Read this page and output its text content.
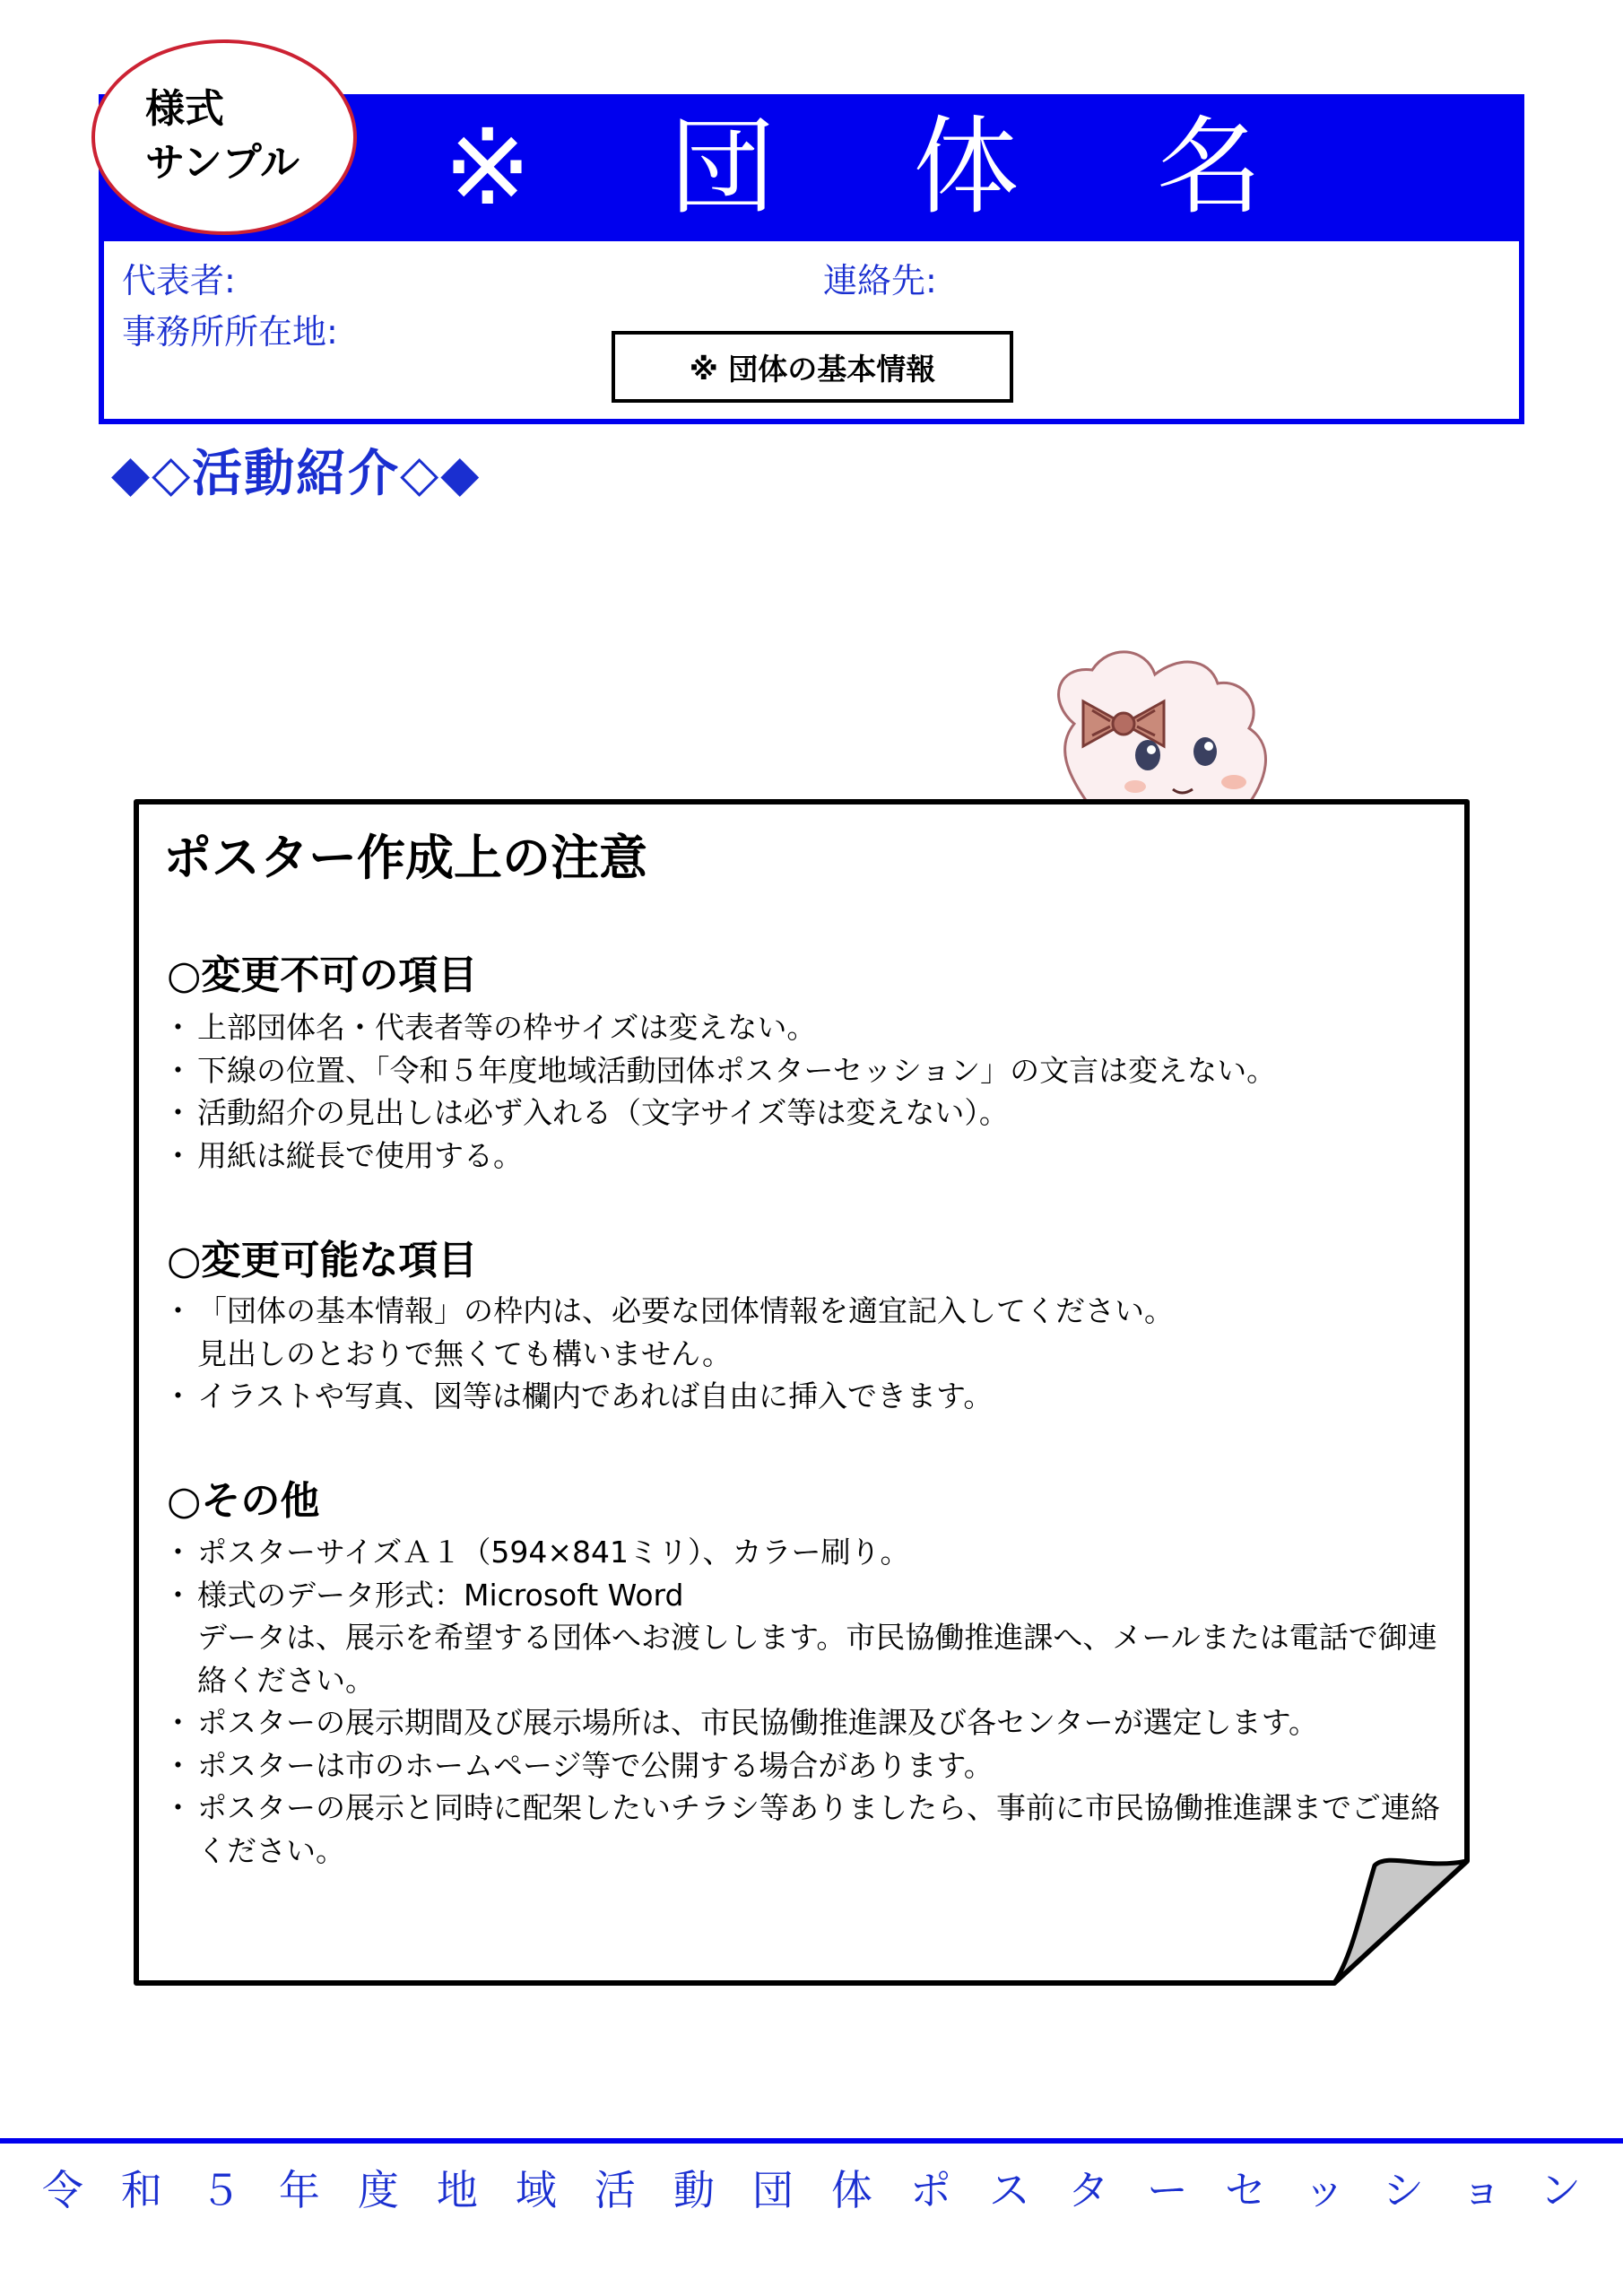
※ 団 体 名
代表者:	連絡先:
事務所所在地:
※ 団体の基本情報
様式
サンプル
◆◇活動紹介◇◆
ポスター作成上の注意
○変更不可の項目
・ 上部団体名・代表者等の枠サイズは変えない。
・ 下線の位置、「令和５年度地域活動団体ポスターセッション」の文言は変えない。
・ 活動紹介の見出しは必ず入れる（文字サイズ等は変えない）。
・ 用紙は縦長で使用する。
○変更可能な項目
・ 「団体の基本情報」の枠内は、必要な団体情報を適宜記入してください。
見出しのとおりで無くても構いません。
・ イラストや写真、図等は欄内であれば自由に挿入できます。
○その他
・ ポスターサイズＡ１（594×841ミリ）、カラー刷り。
・ 様式のデータ形式：Microsoft Word
データは、展示を希望する団体へお渡しします。市民協働推進課へ、メールまたは電話で御連絡ください。
・ ポスターの展示期間及び展示場所は、市民協働推進課及び各センターが選定します。
・ ポスターは市のホームページ等で公開する場合があります。
・ ポスターの展示と同時に配架したいチラシ等ありましたら、事前に市民協働推進課までご連絡ください。
令和５年度地域活動団体ポスターセッション
